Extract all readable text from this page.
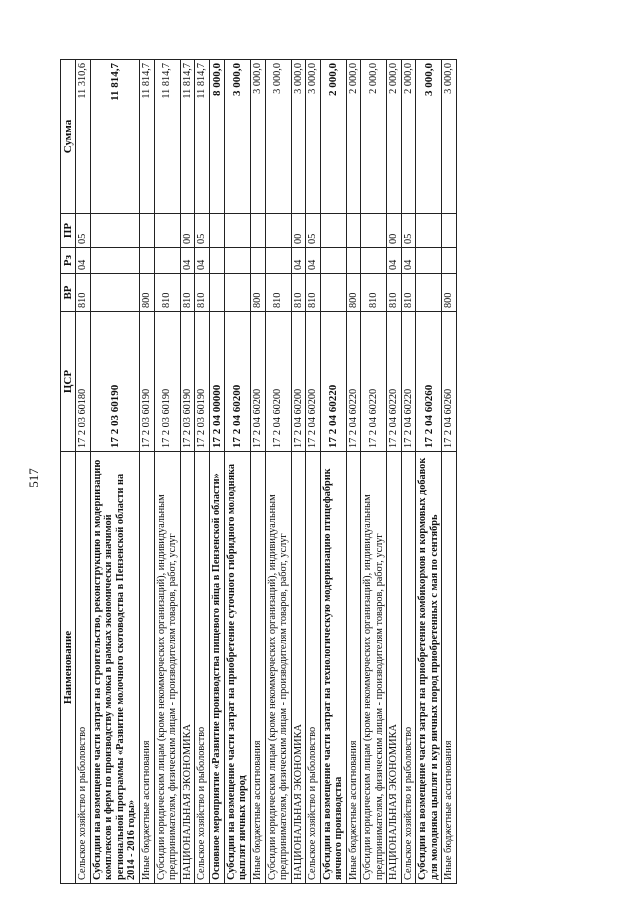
517
Наименование	ЦСР	ВР	Рз	ПР	Сумма
Сельское хозяйство и рыболовство	17 2 03 60180	810	04	05	11 310,6
Субсидии на возмещение части затрат на строительство, реконструкцию и модернизацию комплексов и ферм по производству молока в рамках экономически значимой региональной программы «Развитие молочного скотоводства в Пензенской области на 2014 - 2016 годы»	17 2 03 60190				11 814,7
Иные бюджетные ассигнования	17 2 03 60190	800			11 814,7
Субсидии юридическим лицам (кроме некоммерческих организаций), индивидуальным предпринимателям, физическим лицам - производителям товаров, работ, услуг	17 2 03 60190	810			11 814,7
НАЦИОНАЛЬНАЯ ЭКОНОМИКА	17 2 03 60190	810	04	00	11 814,7
Сельское хозяйство и рыболовство	17 2 03 60190	810	04	05	11 814,7
Основное мероприятие «Развитие производства пищевого яйца в Пензенской области»	17 2 04 00000				8 000,0
Субсидии на возмещение части затрат на приобретение суточного гибридного молодняка цыплят яичных пород	17 2 04 60200				3 000,0
Иные бюджетные ассигнования	17 2 04 60200	800			3 000,0
Субсидии юридическим лицам (кроме некоммерческих организаций), индивидуальным предпринимателям, физическим лицам - производителям товаров, работ, услуг	17 2 04 60200	810			3 000,0
НАЦИОНАЛЬНАЯ ЭКОНОМИКА	17 2 04 60200	810	04	00	3 000,0
Сельское хозяйство и рыболовство	17 2 04 60200	810	04	05	3 000,0
Субсидии на возмещение части затрат на технологическую модернизацию птицефабрик яичного производства	17 2 04 60220				2 000,0
Иные бюджетные ассигнования	17 2 04 60220	800			2 000,0
Субсидии юридическим лицам (кроме некоммерческих организаций), индивидуальным предпринимателям, физическим лицам - производителям товаров, работ, услуг	17 2 04 60220	810			2 000,0
НАЦИОНАЛЬНАЯ ЭКОНОМИКА	17 2 04 60220	810	04	00	2 000,0
Сельское хозяйство и рыболовство	17 2 04 60220	810	04	05	2 000,0
Субсидии на возмещение части затрат на приобретение комбикормов и кормовых добавок для молодняка цыплят и кур яичных пород приобретенных с мая по сентябрь	17 2 04 60260				3 000,0
Иные бюджетные ассигнования	17 2 04 60260	800			3 000,0
